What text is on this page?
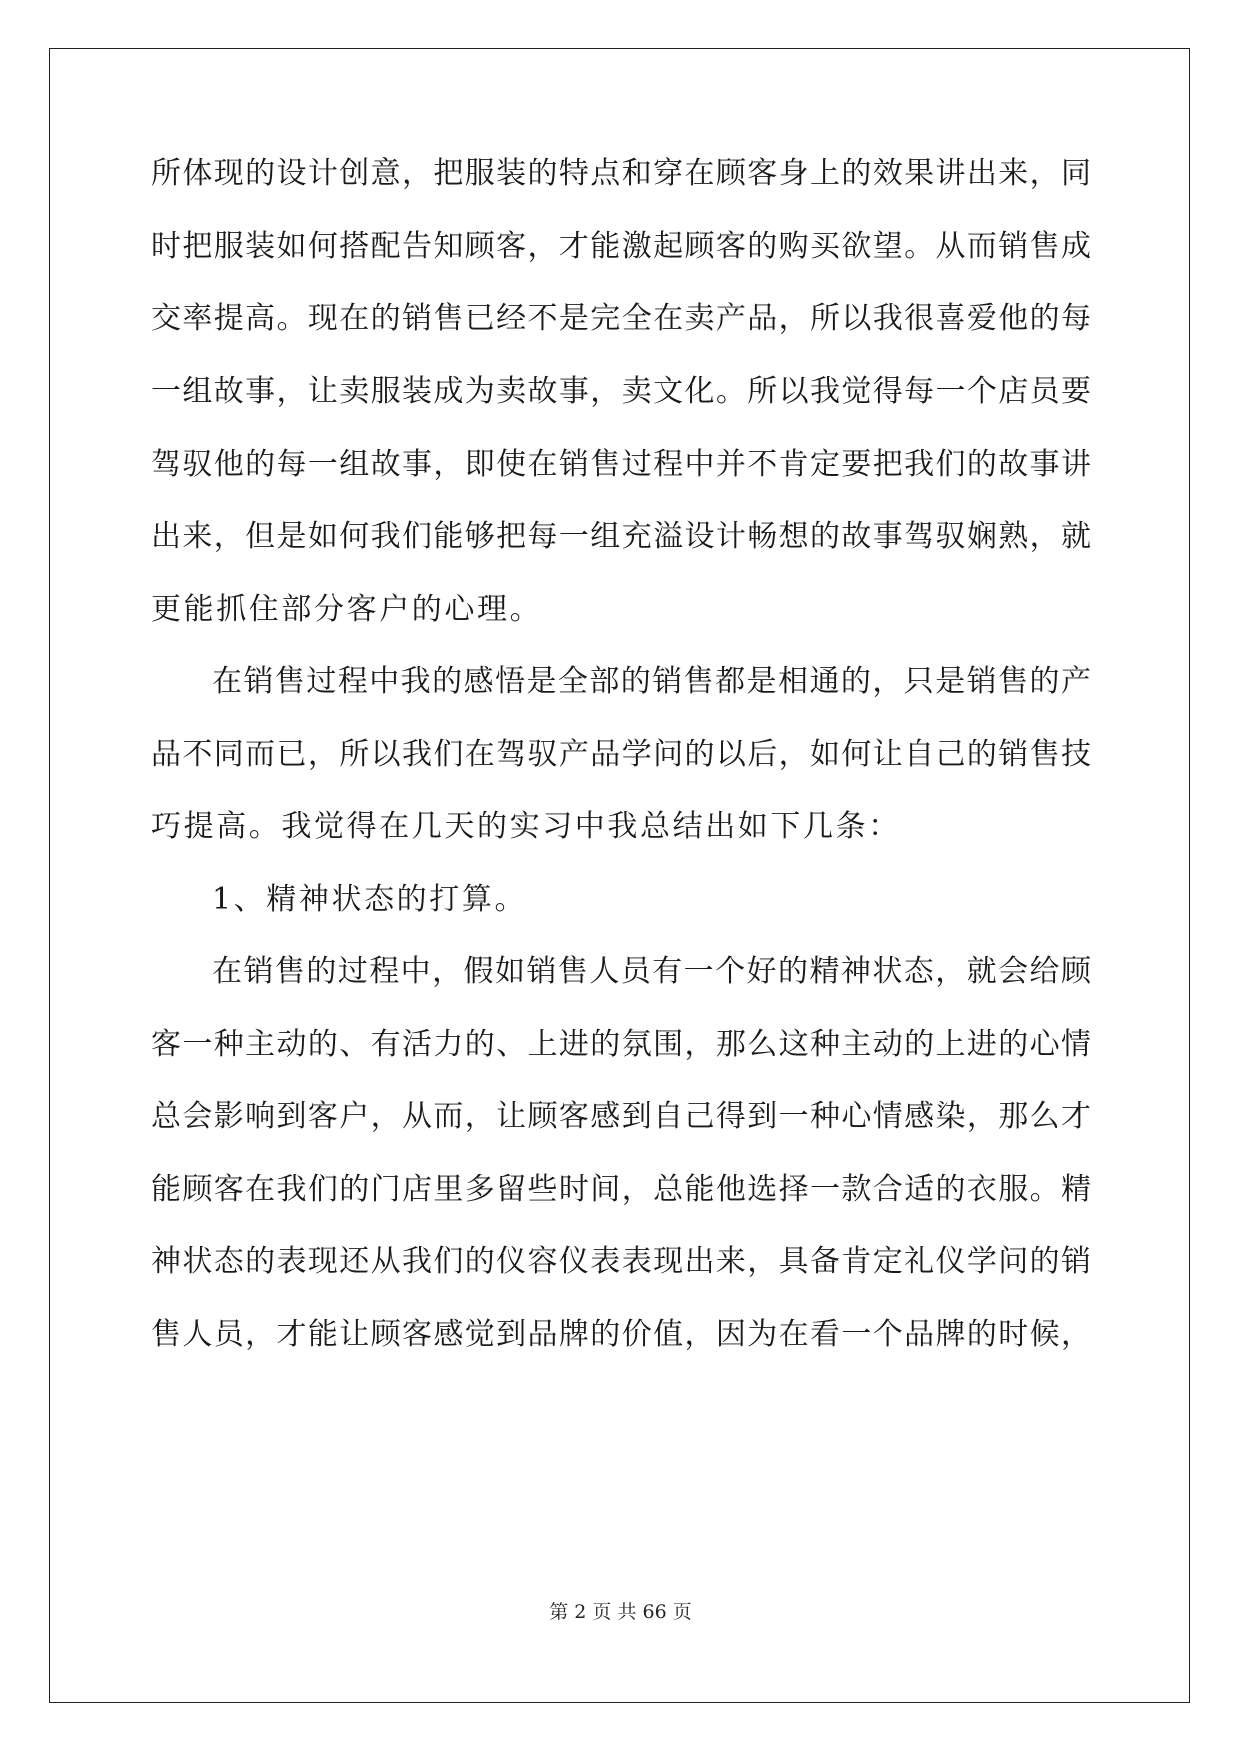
所体现的设计创意，把服装的特点和穿在顾客身上的效果讲出来，同
时把服装如何搭配告知顾客，才能激起顾客的购买欲望。从而销售成
交率提高。现在的销售已经不是完全在卖产品，所以我很喜爱他的每
一组故事，让卖服装成为卖故事，卖文化。所以我觉得每一个店员要
驾驭他的每一组故事，即使在销售过程中并不肯定要把我们的故事讲
出来，但是如何我们能够把每一组充溢设计畅想的故事驾驭娴熟，就
更能抓住部分客户的心理。
在销售过程中我的感悟是全部的销售都是相通的，只是销售的产
品不同而已，所以我们在驾驭产品学问的以后，如何让自己的销售技
巧提高。我觉得在几天的实习中我总结出如下几条：
1、精神状态的打算。
在销售的过程中，假如销售人员有一个好的精神状态，就会给顾
客一种主动的、有活力的、上进的氛围，那么这种主动的上进的心情
总会影响到客户，从而，让顾客感到自己得到一种心情感染，那么才
能顾客在我们的门店里多留些时间，总能他选择一款合适的衣服。精
神状态的表现还从我们的仪容仪表表现出来，具备肯定礼仪学问的销
售人员，才能让顾客感觉到品牌的价值，因为在看一个品牌的时候，
第 2 页 共 66 页
